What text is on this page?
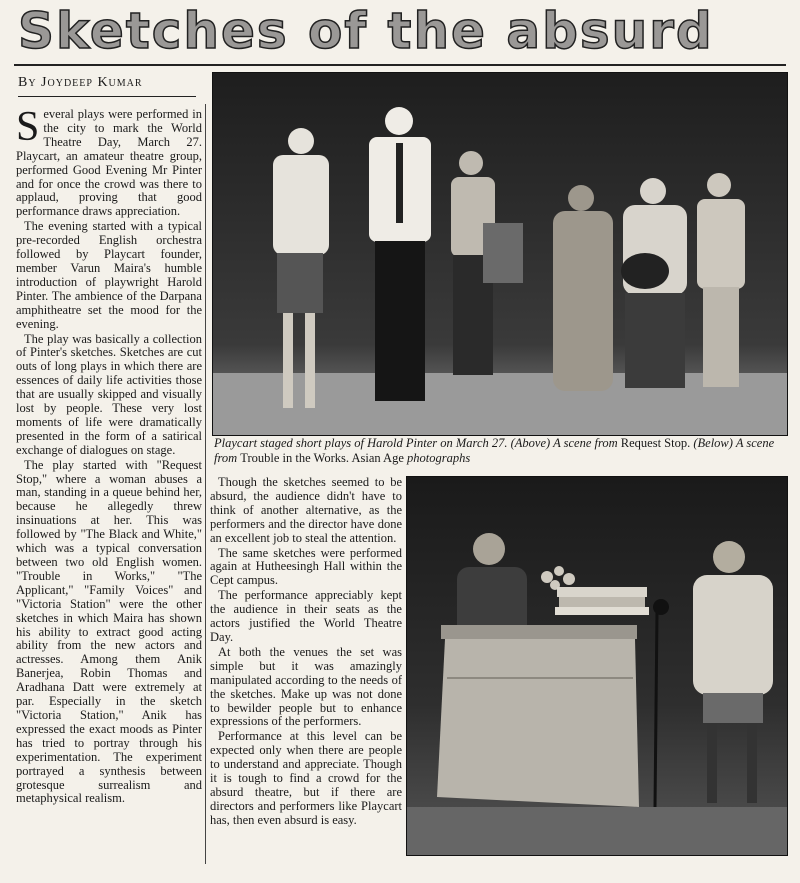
Sketches of the absurd
By Joydeep Kumar

Several plays were performed in the city to mark the World Theatre Day, March 27. Playcart, an amateur theatre group, performed Good Evening Mr Pinter and for once the crowd was there to applaud, proving that good performance draws appreciation.

The evening started with a typical pre-recorded English orchestra followed by Playcart founder, member Varun Maira's humble introduction of playwright Harold Pinter. The ambience of the Darpana amphitheatre set the mood for the evening.

The play was basically a collection of Pinter's sketches. Sketches are cut outs of long plays in which there are essences of daily life activities those that are usually skipped and visually lost by people. These very lost moments of life were dramatically presented in the form of a satirical exchange of dialogues on stage.

The play started with "Request Stop," where a woman abuses a man, standing in a queue behind her, because he allegedly threw insinuations at her. This was followed by "The Black and White," which was a typical conversation between two old English women. "Trouble in Works," "The Applicant," "Family Voices" and "Victoria Station" were the other sketches in which Maira has shown his ability to extract good acting ability from the new actors and actresses. Among them Anik Banerjea, Robin Thomas and Aradhana Datt were extremely at par. Especially in the sketch "Victoria Station," Anik has expressed the exact moods as Pinter has tried to portray through his experimentation. The experiment portrayed a synthesis between grotesque surrealism and metaphysical realism.

Playcart staged short plays of Harold Pinter on March 27. (Above) A scene from Request Stop. (Below) A scene from Trouble in the Works. Asian Age photographs

Though the sketches seemed to be absurd, the audience didn't have to think of another alternative, as the performers and the director have done an excellent job to steal the attention.

The same sketches were performed again at Hutheesingh Hall within the Cept campus.

The performance appreciably kept the audience in their seats as the actors justified the World Theatre Day.

At both the venues the set was simple but it was amazingly manipulated according to the needs of the sketches. Make up was not done to bewilder people but to enhance expressions of the performers.

Performance at this level can be expected only when there are people to understand and appreciate. Though it is tough to find a crowd for the absurd theatre, but if there are directors and performers like Playcart has, then even absurd is easy.
